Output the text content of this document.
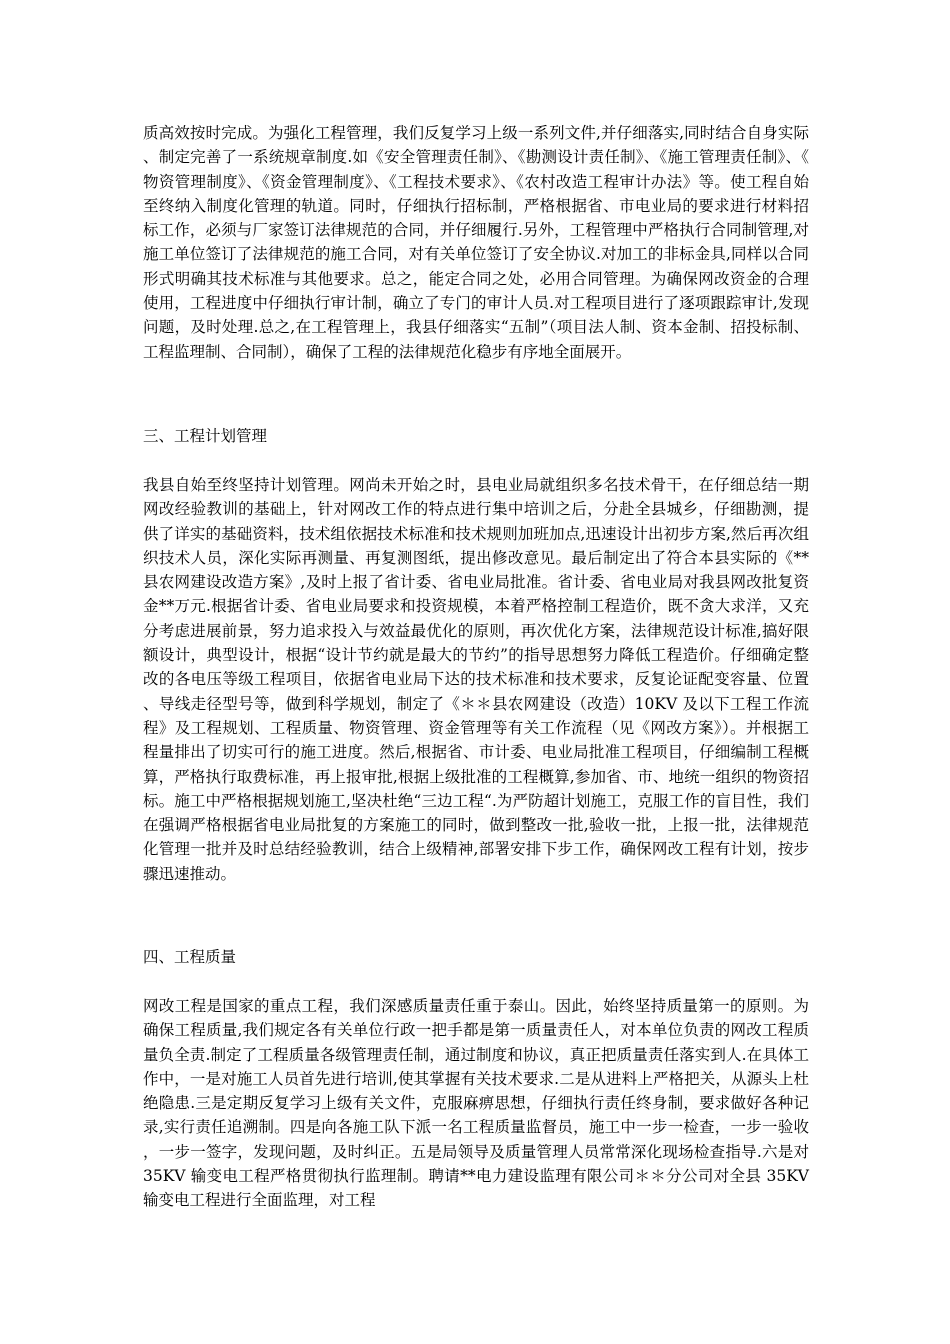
质高效按时完成。为强化工程管理，我们反复学习上级一系列文件,并仔细落实,同时结合自身实际、制定完善了一系统规章制度.如《安全管理责任制》、《勘测设计责任制》、《施工管理责任制》、《物资管理制度》、《资金管理制度》、《工程技术要求》、《农村改造工程审计办法》等。使工程自始至终纳入制度化管理的轨道。同时，仔细执行招标制，严格根据省、市电业局的要求进行材料招标工作，必须与厂家签订法律规范的合同，并仔细履行.另外，工程管理中严格执行合同制管理,对施工单位签订了法律规范的施工合同，对有关单位签订了安全协议.对加工的非标金具,同样以合同形式明确其技术标准与其他要求。总之，能定合同之处，必用合同管理。为确保网改资金的合理使用，工程进度中仔细执行审计制，确立了专门的审计人员.对工程项目进行了逐项跟踪审计,发现问题，及时处理.总之,在工程管理上，我县仔细落实“五制”（项目法人制、资本金制、招投标制、工程监理制、合同制），确保了工程的法律规范化稳步有序地全面展开。

三、工程计划管理

我县自始至终坚持计划管理。网尚未开始之时，县电业局就组织多名技术骨干，在仔细总结一期网改经验教训的基础上，针对网改工作的特点进行集中培训之后，分赴全县城乡，仔细勘测，提供了详实的基础资料，技术组依据技术标准和技术规则加班加点,迅速设计出初步方案,然后再次组织技术人员，深化实际再测量、再复测图纸，提出修改意见。最后制定出了符合本县实际的《**县农网建设改造方案》,及时上报了省计委、省电业局批准。省计委、省电业局对我县网改批复资金**万元.根据省计委、省电业局要求和投资规模，本着严格控制工程造价，既不贪大求洋，又充分考虑进展前景，努力追求投入与效益最优化的原则，再次优化方案，法律规范设计标准,搞好限额设计，典型设计，根据“设计节约就是最大的节约”的指导思想努力降低工程造价。仔细确定整改的各电压等级工程项目，依据省电业局下达的技术标准和技术要求，反复论证配变容量、位置、导线走径型号等，做到科学规划，制定了《＊＊县农网建设（改造）10KV 及以下工程工作流程》及工程规划、工程质量、物资管理、资金管理等有关工作流程（见《网改方案》）。并根据工程量排出了切实可行的施工进度。然后,根据省、市计委、电业局批准工程项目，仔细编制工程概算，严格执行取费标准，再上报审批,根据上级批准的工程概算,参加省、市、地统一组织的物资招标。施工中严格根据规划施工,坚决杜绝“三边工程“.为严防超计划施工，克服工作的盲目性，我们在强调严格根据省电业局批复的方案施工的同时，做到整改一批,验收一批，上报一批，法律规范化管理一批并及时总结经验教训，结合上级精神,部署安排下步工作，确保网改工程有计划，按步骤迅速推动。

四、工程质量

网改工程是国家的重点工程，我们深感质量责任重于泰山。因此，始终坚持质量第一的原则。为确保工程质量,我们规定各有关单位行政一把手都是第一质量责任人，对本单位负责的网改工程质量负全责.制定了工程质量各级管理责任制，通过制度和协议，真正把质量责任落实到人.在具体工作中，一是对施工人员首先进行培训,使其掌握有关技术要求.二是从进料上严格把关，从源头上杜绝隐患.三是定期反复学习上级有关文件，克服麻痹思想，仔细执行责任终身制，要求做好各种记录,实行责任追溯制。四是向各施工队下派一名工程质量监督员，施工中一步一检查，一步一验收，一步一签字，发现问题，及时纠正。五是局领导及质量管理人员常常深化现场检查指导.六是对 35KV 输变电工程严格贯彻执行监理制。聘请**电力建设监理有限公司＊＊分公司对全县 35KV 输变电工程进行全面监理，对工程
